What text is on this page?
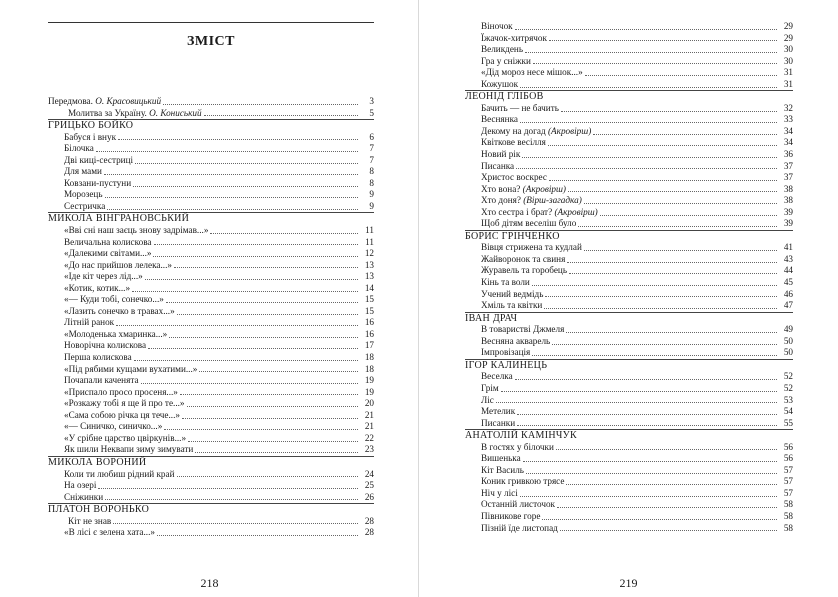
ЗМІСТ
Передмова. О. Красовицький	3
Молитва за Україну. О. Кониський	5
ГРИЦЬКО БОЙКО
Бабуся і внук	6
Білочка	7
Дві киці-сестриці	7
Для мами	8
Ковзани-пустуни	8
Морозець	9
Сестричка	9
МИКОЛА ВІНГРАНОВСЬКИЙ
«Вві сні наш заєць знову задрімав...»	11
Величальна колискова	11
«Далекими світами...»	12
«До нас прийшов лелека...»	13
«Іде кіт через лід...»	13
«Котик, котик...»	14
«— Куди тобі, сонечко...»	15
«Лазить сонечко в травах...»	15
Літній ранок	16
«Молоденька хмаринка...»	16
Новорічна колискова	17
Перша колискова	18
«Під рябими кущами вухатими...»	18
Почапали каченята	19
«Приспало просо просеня...»	19
«Розкажу тобі я ще й про те...»	20
«Сама собою річка ця тече...»	21
«— Синичко, синичко...»	21
«У срібне царство цвіркунів...»	22
Як шили Неквапи зиму зимувати	23
МИКОЛА ВОРОНИЙ
Коли ти любиш рідний край	24
На озері	25
Сніжинки	26
ПЛАТОН ВОРОНЬКО
Кіт не знав	28
«В лісі є зелена хата...»	28
218
Віночок	29
Їжачок-хитрячок	29
Великдень	30
Гра у сніжки	30
«Дід мороз несе мішок...»	31
Кожушок	31
ЛЕОНІД ГЛІБОВ
Бачить — не бачить	32
Веснянка	33
Декому на догад (Акровірш)	34
Квіткове весілля	34
Новий рік	36
Писанка	37
Христос воскрес	37
Хто вона? (Акровірш)	38
Хто доня? (Вірш-загадка)	38
Хто сестра і брат? (Акровірш)	39
Щоб дітям веселіш було	39
БОРИС ГРІНЧЕНКО
Вівця стрижена та кудлай	41
Жайворонок та свиня	43
Журавель та горобець	44
Кінь та воли	45
Учений ведмідь	46
Хміль та квітки	47
ІВАН ДРАЧ
В товаристві Джмеля	49
Весняна акварель	50
Імпровізація	50
ІГОР КАЛИНЕЦЬ
Веселка	52
Грім	52
Ліс	53
Метелик	54
Писанки	55
АНАТОЛІЙ КАМІНЧУК
В гостях у білочки	56
Вишенька	56
Кіт Василь	57
Коник гривкою трясе	57
Ніч у лісі	57
Останній листочок	58
Півникове горе	58
Пізній їде листопад	58
219
